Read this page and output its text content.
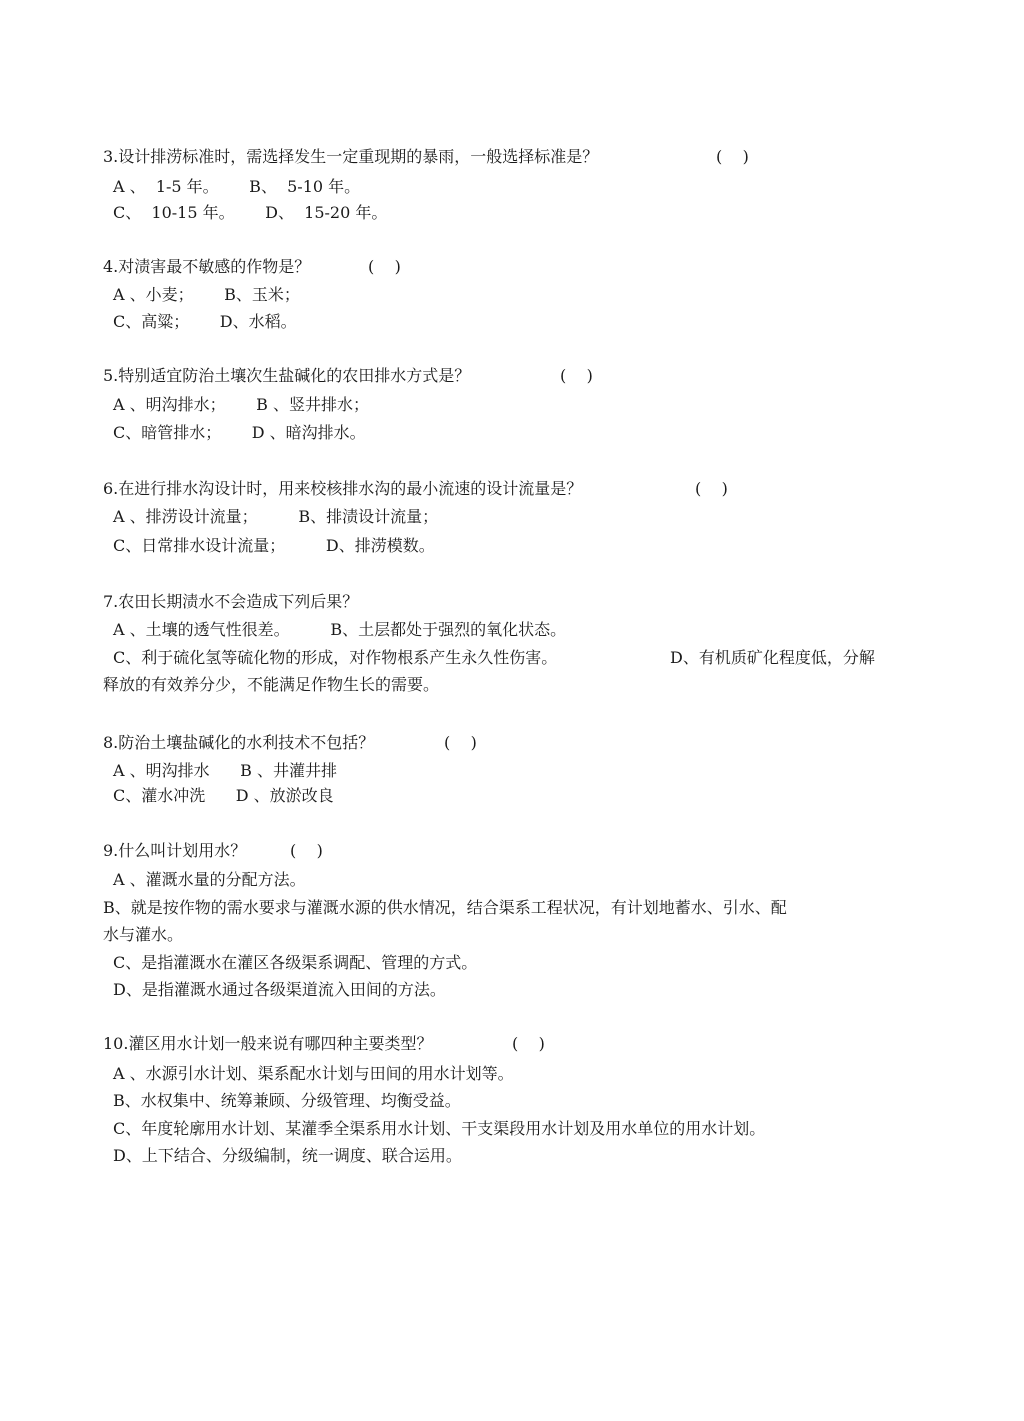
3.设计排涝标准时，需选择发生一定重现期的暴雨，一般选择标准是？	(    )
A 、  1-5 年。      B、  5-10 年。
C、  10-15 年。      D、  15-20 年。
4.对渍害最不敏感的作物是？	(    )
A 、小麦；      B、玉米；
C、高粱；      D、水稻。
5.特别适宜防治土壤次生盐碱化的农田排水方式是？	(    )
A 、明沟排水；      B 、竖井排水；
C、暗管排水；      D 、暗沟排水。
6.在进行排水沟设计时，用来校核排水沟的最小流速的设计流量是？	(    )
A 、排涝设计流量；        B、排渍设计流量；
C、日常排水设计流量；        D、排涝模数。
7.农田长期渍水不会造成下列后果？
A 、土壤的透气性很差。        B、土层都处于强烈的氧化状态。
C、利于硫化氢等硫化物的形成，对作物根系产生永久性伤害。	D、有机质矿化程度低，分解
释放的有效养分少，不能满足作物生长的需要。
8.防治土壤盐碱化的水利技术不包括？	(    )
A 、明沟排水      B 、井灌井排
C、灌水冲洗      D 、放淤改良
9.什么叫计划用水？	(    )
A 、灌溉水量的分配方法。
B、就是按作物的需水要求与灌溉水源的供水情况，结合渠系工程状况，有计划地蓄水、引水、配
水与灌水。
C、是指灌溉水在灌区各级渠系调配、管理的方式。
D、是指灌溉水通过各级渠道流入田间的方法。
10.灌区用水计划一般来说有哪四种主要类型？	(    )
A 、水源引水计划、渠系配水计划与田间的用水计划等。
B、水权集中、统筹兼顾、分级管理、均衡受益。
C、年度轮廓用水计划、某灌季全渠系用水计划、干支渠段用水计划及用水单位的用水计划。
D、上下结合、分级编制，统一调度、联合运用。
